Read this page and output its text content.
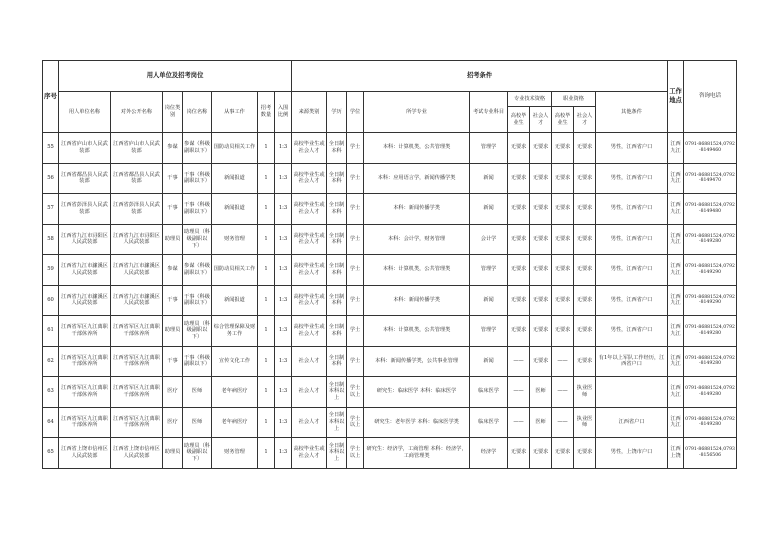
序号	用人单位及招考岗位							招考条件										工作地点	咨询电话
	用人单位名称	对外公开名称	岗位类别	岗位名称	从事工作	招考数量	入围比例	来源类别	学历	学位	所学专业	考试专业科目	专业技术资格		职业资格		其他条件		
													高校毕业生	社会人才	高校毕业生	社会人才			
55	江西省庐山市人民武装部	江西省庐山市人民武装部	参谋	参谋（科级副职以下）	国防动员相关工作	1	1:3	高校毕业生或社会人才	全日制本科	学士	本科：计算机类，公共管理类	管理学	无要求	无要求	无要求	无要求	男性，江西省户口	江西九江	0791-86881524,0792-8149460
56	江西省都昌县人民武装部	江西省都昌县人民武装部	干事	干事（科级副职以下）	新闻报道	1	1:3	高校毕业生或社会人才	全日制本科	学士	本科：应用语言学，新闻传播学类	新闻	无要求	无要求	无要求	无要求	男性，江西省户口	江西九江	0791-86881524,0792-8149470
57	江西省彭泽县人民武装部	江西省彭泽县人民武装部	干事	干事（科级副职以下）	新闻报道	1	1:3	高校毕业生或社会人才	全日制本科	学士	本科：新闻传播学类	新闻	无要求	无要求	无要求	无要求	男性，江西省户口	江西九江	0791-86881524,0792-8149480
58	江西省九江市浔阳区人民武装部	江西省九江市浔阳区人民武装部	助理员	助理员（科级副职以下）	财务管理	1	1:3	高校毕业生或社会人才	全日制本科	学士	本科：会计学，财务管理	会计学	无要求	无要求	无要求	无要求	男性，江西省户口	江西九江	0791-86881524,0792-8149280
59	江西省九江市濂溪区人民武装部	江西省九江市濂溪区人民武装部	参谋	参谋（科级副职以下）	国防动员相关工作	1	1:3	高校毕业生或社会人才	全日制本科	学士	本科：计算机类，公共管理类	管理学	无要求	无要求	无要求	无要求	男性，江西省户口	江西九江	0791-86881524,0792-8149290
60	江西省九江市濂溪区人民武装部	江西省九江市濂溪区人民武装部	干事	干事（科级副职以下）	新闻报道	1	1:3	高校毕业生或社会人才	全日制本科	学士	本科：新闻传播学类	新闻	无要求	无要求	无要求	无要求	男性，江西省户口	江西九江	0791-86881524,0792-8149290
61	江西省军区九江离职干部休养所	江西省军区九江离职干部休养所	助理员	助理员（科级副职以下）	综合管理保障及财务工作	1	1:3	高校毕业生或社会人才	全日制本科	学士	本科：计算机类，公共管理类	管理学	无要求	无要求	无要求	无要求	男性，江西省户口	江西九江	0791-86881524,0792-8149280
62	江西省军区九江离职干部休养所	江西省军区九江离职干部休养所	干事	干事（科级副职以下）	宣传文化工作	1	1:3	社会人才	全日制本科	学士	本科：新闻传播学类，公共事业管理	新闻	——	无要求	——	无要求	有1年以上军队工作经历，江西省户口	江西九江	0791-86881524,0792-8149280
63	江西省军区九江离职干部休养所	江西省军区九江离职干部休养所	医疗	医师	老年病医疗	1	1:3	社会人才	全日制本科以上	学士以上	研究生：临床医学 本科：临床医学	临床医学	——	医师	——	执业医师		江西九江	0791-86881524,0792-8149280
64	江西省军区九江离职干部休养所	江西省军区九江离职干部休养所	医疗	医师	老年病医疗	1	1:3	社会人才	全日制本科以上	学士以上	研究生：老年医学 本科：临床医学类	临床医学	——	医师	——	执业医师	江西省户口	江西九江	0791-86881524,0792-8149280
65	江西省上饶市信州区人民武装部	江西省上饶市信州区人民武装部	助理员	助理员（科级副职以下）	财务管理	1	1:3	高校毕业生或社会人才	全日制本科以上	学士以上	研究生：经济学，工商管理 本科：经济学，工商管理类	经济学	无要求	无要求	无要求	无要求	男性，上饶市户口	江西上饶	0791-86881524,0793-8156506
